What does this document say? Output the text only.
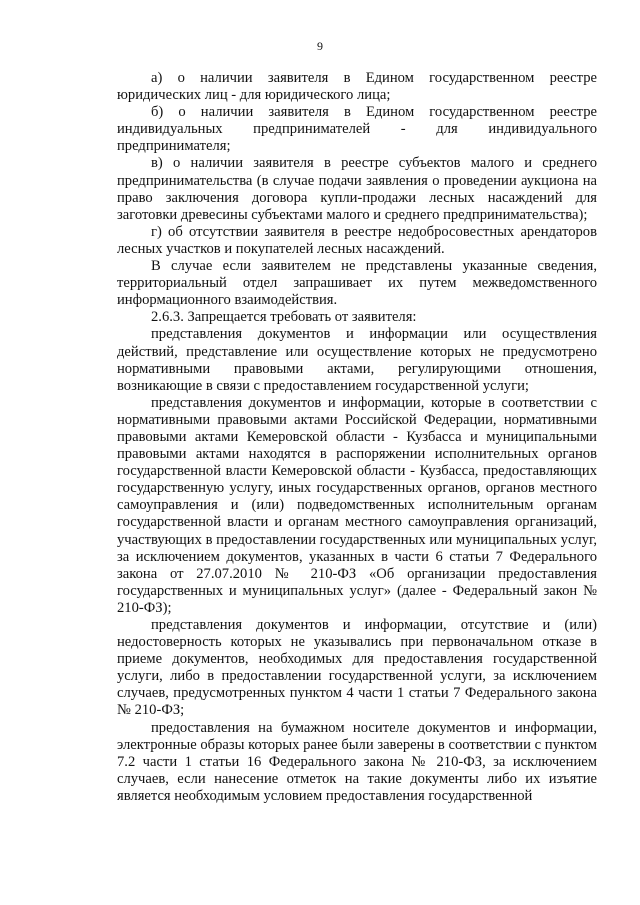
9

а) о наличии заявителя в Едином государственном реестре юридических лиц - для юридического лица;

б) о наличии заявителя в Едином государственном реестре индивидуальных предпринимателей - для индивидуального предпринимателя;

в) о наличии заявителя в реестре субъектов малого и среднего предпринимательства (в случае подачи заявления о проведении аукциона на право заключения договора купли-продажи лесных насаждений для заготовки древесины субъектами малого и среднего предпринимательства);

г) об отсутствии заявителя в реестре недобросовестных арендаторов лесных участков и покупателей лесных насаждений.

В случае если заявителем не представлены указанные сведения, территориальный отдел запрашивает их путем межведомственного информационного взаимодействия.

2.6.3. Запрещается требовать от заявителя:

представления документов и информации или осуществления действий, представление или осуществление которых не предусмотрено нормативными правовыми актами, регулирующими отношения, возникающие в связи с предоставлением государственной услуги;

представления документов и информации, которые в соответствии с нормативными правовыми актами Российской Федерации, нормативными правовыми актами Кемеровской области - Кузбасса и муниципальными правовыми актами находятся в распоряжении исполнительных органов государственной власти Кемеровской области - Кузбасса, предоставляющих государственную услугу, иных государственных органов, органов местного самоуправления и (или) подведомственных исполнительным органам государственной власти и органам местного самоуправления организаций, участвующих в предоставлении государственных или муниципальных услуг, за исключением документов, указанных в части 6 статьи 7 Федерального закона от 27.07.2010 № 210-ФЗ «Об организации предоставления государственных и муниципальных услуг» (далее - Федеральный закон № 210-ФЗ);

представления документов и информации, отсутствие и (или) недостоверность которых не указывались при первоначальном отказе в приеме документов, необходимых для предоставления государственной услуги, либо в предоставлении государственной услуги, за исключением случаев, предусмотренных пунктом 4 части 1 статьи 7 Федерального закона № 210-ФЗ;

предоставления на бумажном носителе документов и информации, электронные образы которых ранее были заверены в соответствии с пунктом 7.2 части 1 статьи 16 Федерального закона № 210-ФЗ, за исключением случаев, если нанесение отметок на такие документы либо их изъятие является необходимым условием предоставления государственной
